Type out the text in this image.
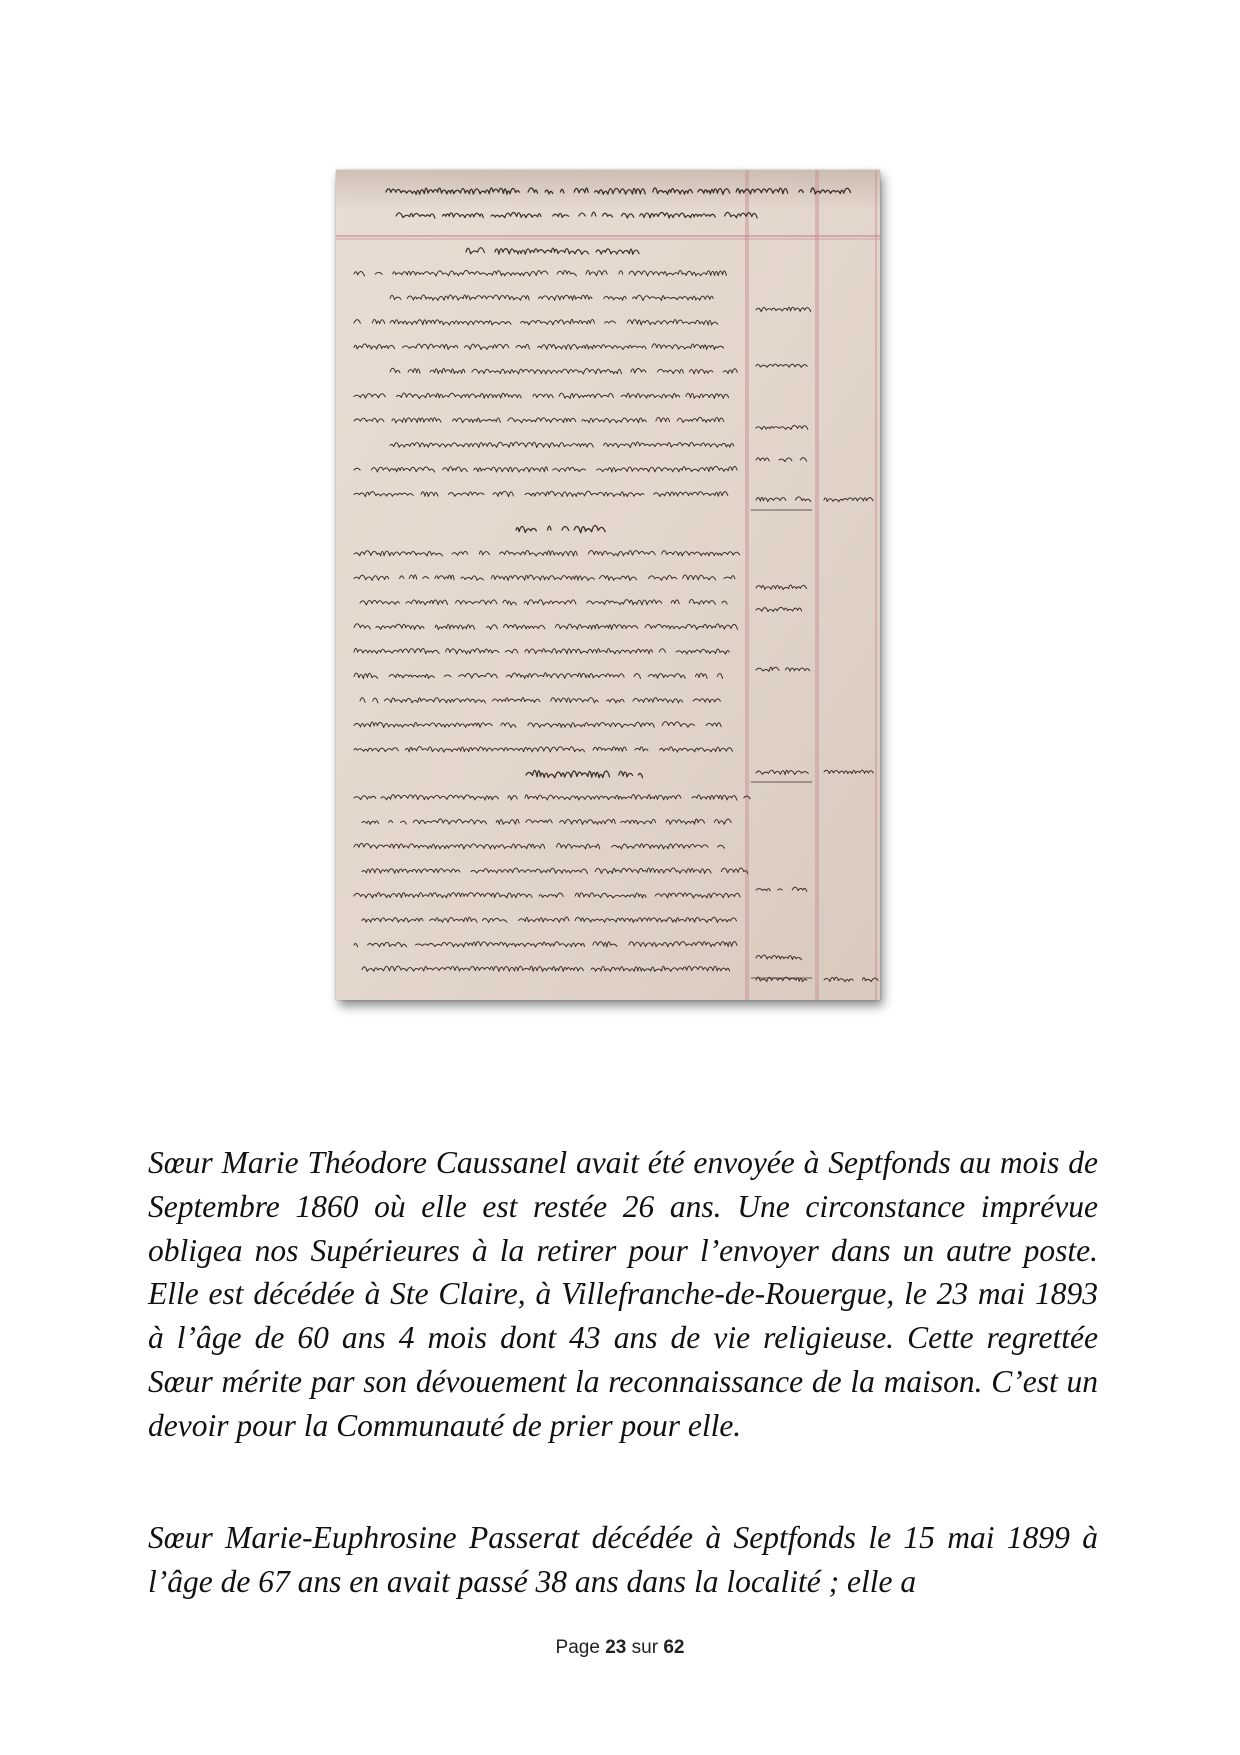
Sœur Marie Théodore Caussanel avait été envoyée à Septfonds au mois de Septembre 1860 où elle est restée 26 ans. Une circonstance imprévue obligea nos Supérieures à la retirer pour l’envoyer dans un autre poste. Elle est décédée à Ste Claire, à Villefranche-de-Rouergue, le 23 mai 1893 à l’âge de 60 ans 4 mois dont 43 ans de vie religieuse. Cette regrettée Sœur mérite par son dévouement la reconnaissance de la maison. C’est un devoir pour la Communauté de prier pour elle.

Sœur Marie-Euphrosine Passerat décédée à Septfonds le 15 mai 1899 à l’âge de 67 ans en avait passé 38 ans dans la localité ; elle a

Page 23 sur 62
